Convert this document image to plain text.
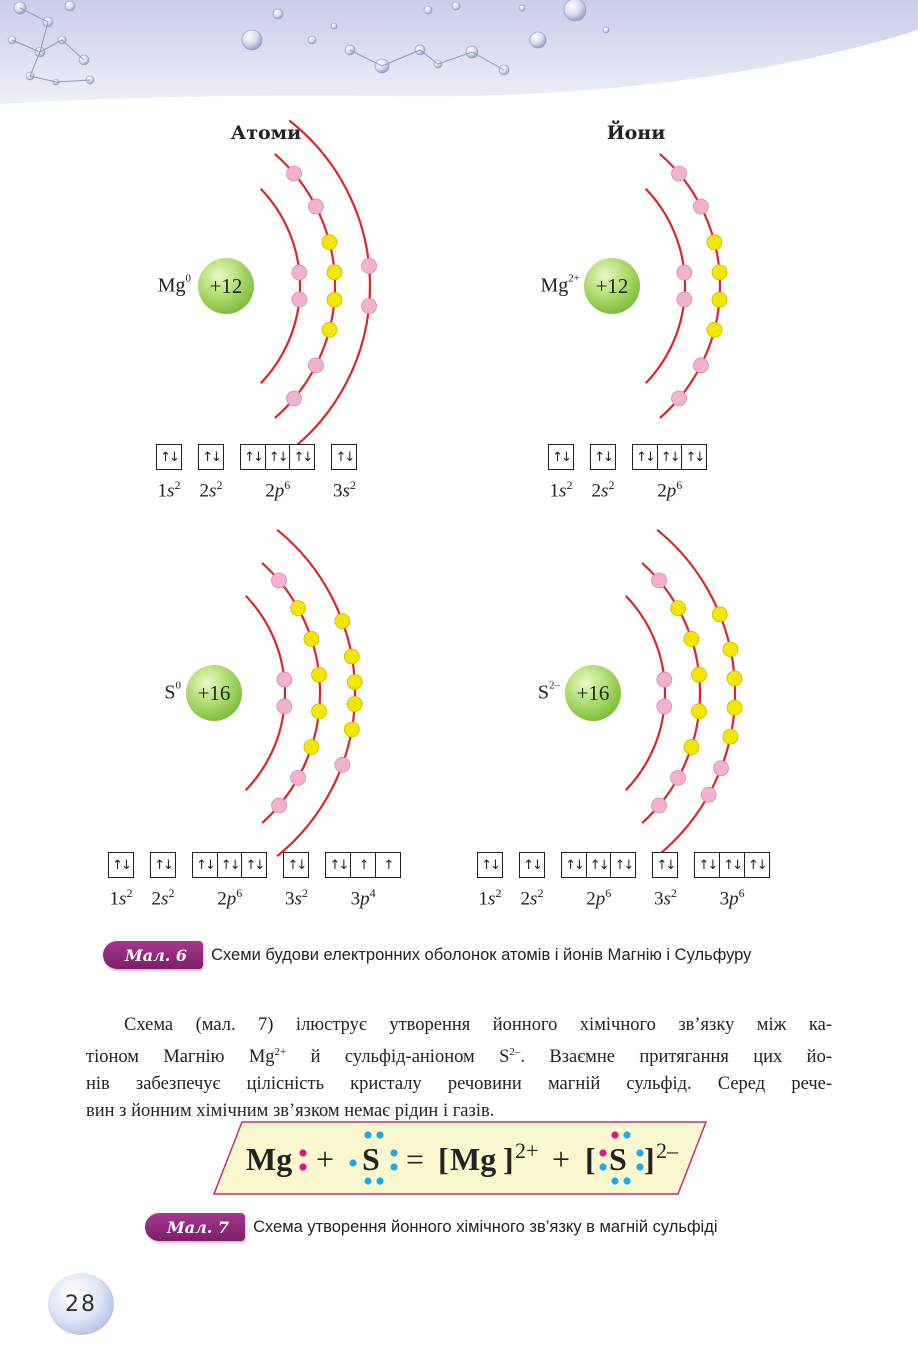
Атоми	Йони
$Mg^0 +12$	$Mg^{2+} +12$
$S^0 +16$	$S^{2-} +16$
↑↓
$1s^2$
↑↓
$2s^2$
↑↓ ↑↓ ↑↓
$2p^6$
↑↓
$3s^2$
↑↓
$1s^2$
↑↓
$2s^2$
↑↓ ↑↓ ↑↓
$2p^6$
↑↓
$1s^2$
↑↓
$2s^2$
↑↓ ↑↓ ↑↓
$2p^6$
↑↓
$3s^2$
↑↓ ↑	↑
$3p^4$
↑↓
$1s^2$
↑↓
$2s^2$
↑↓ ↑↓ ↑↓
$2p^6$
↑↓
$3s^2$
↑↓ ↑↓ ↑↓
$3p^6$
Мал. 6	Схеми будови електронних оболонок атомів і йонів Магнію і Сульфуру
Схема (мал. 7) ілюструє утворення йонного хімічного зв’язку між ка-
тіоном Магнію $Mg^{2+}$ й сульфід-аніоном $S^{2-}$. Взаємне притягання цих йо-
нів забезпечує цілісність кристалу речовини магній сульфід. Серед рече-
вин з йонним хімічним зв’язком немає рідин і газів.
Mg + S = [ Mg ] 2+ + [ S ] 2–
Мал. 7	Схема утворення йонного хімічного зв’язку в магній сульфіді
28
